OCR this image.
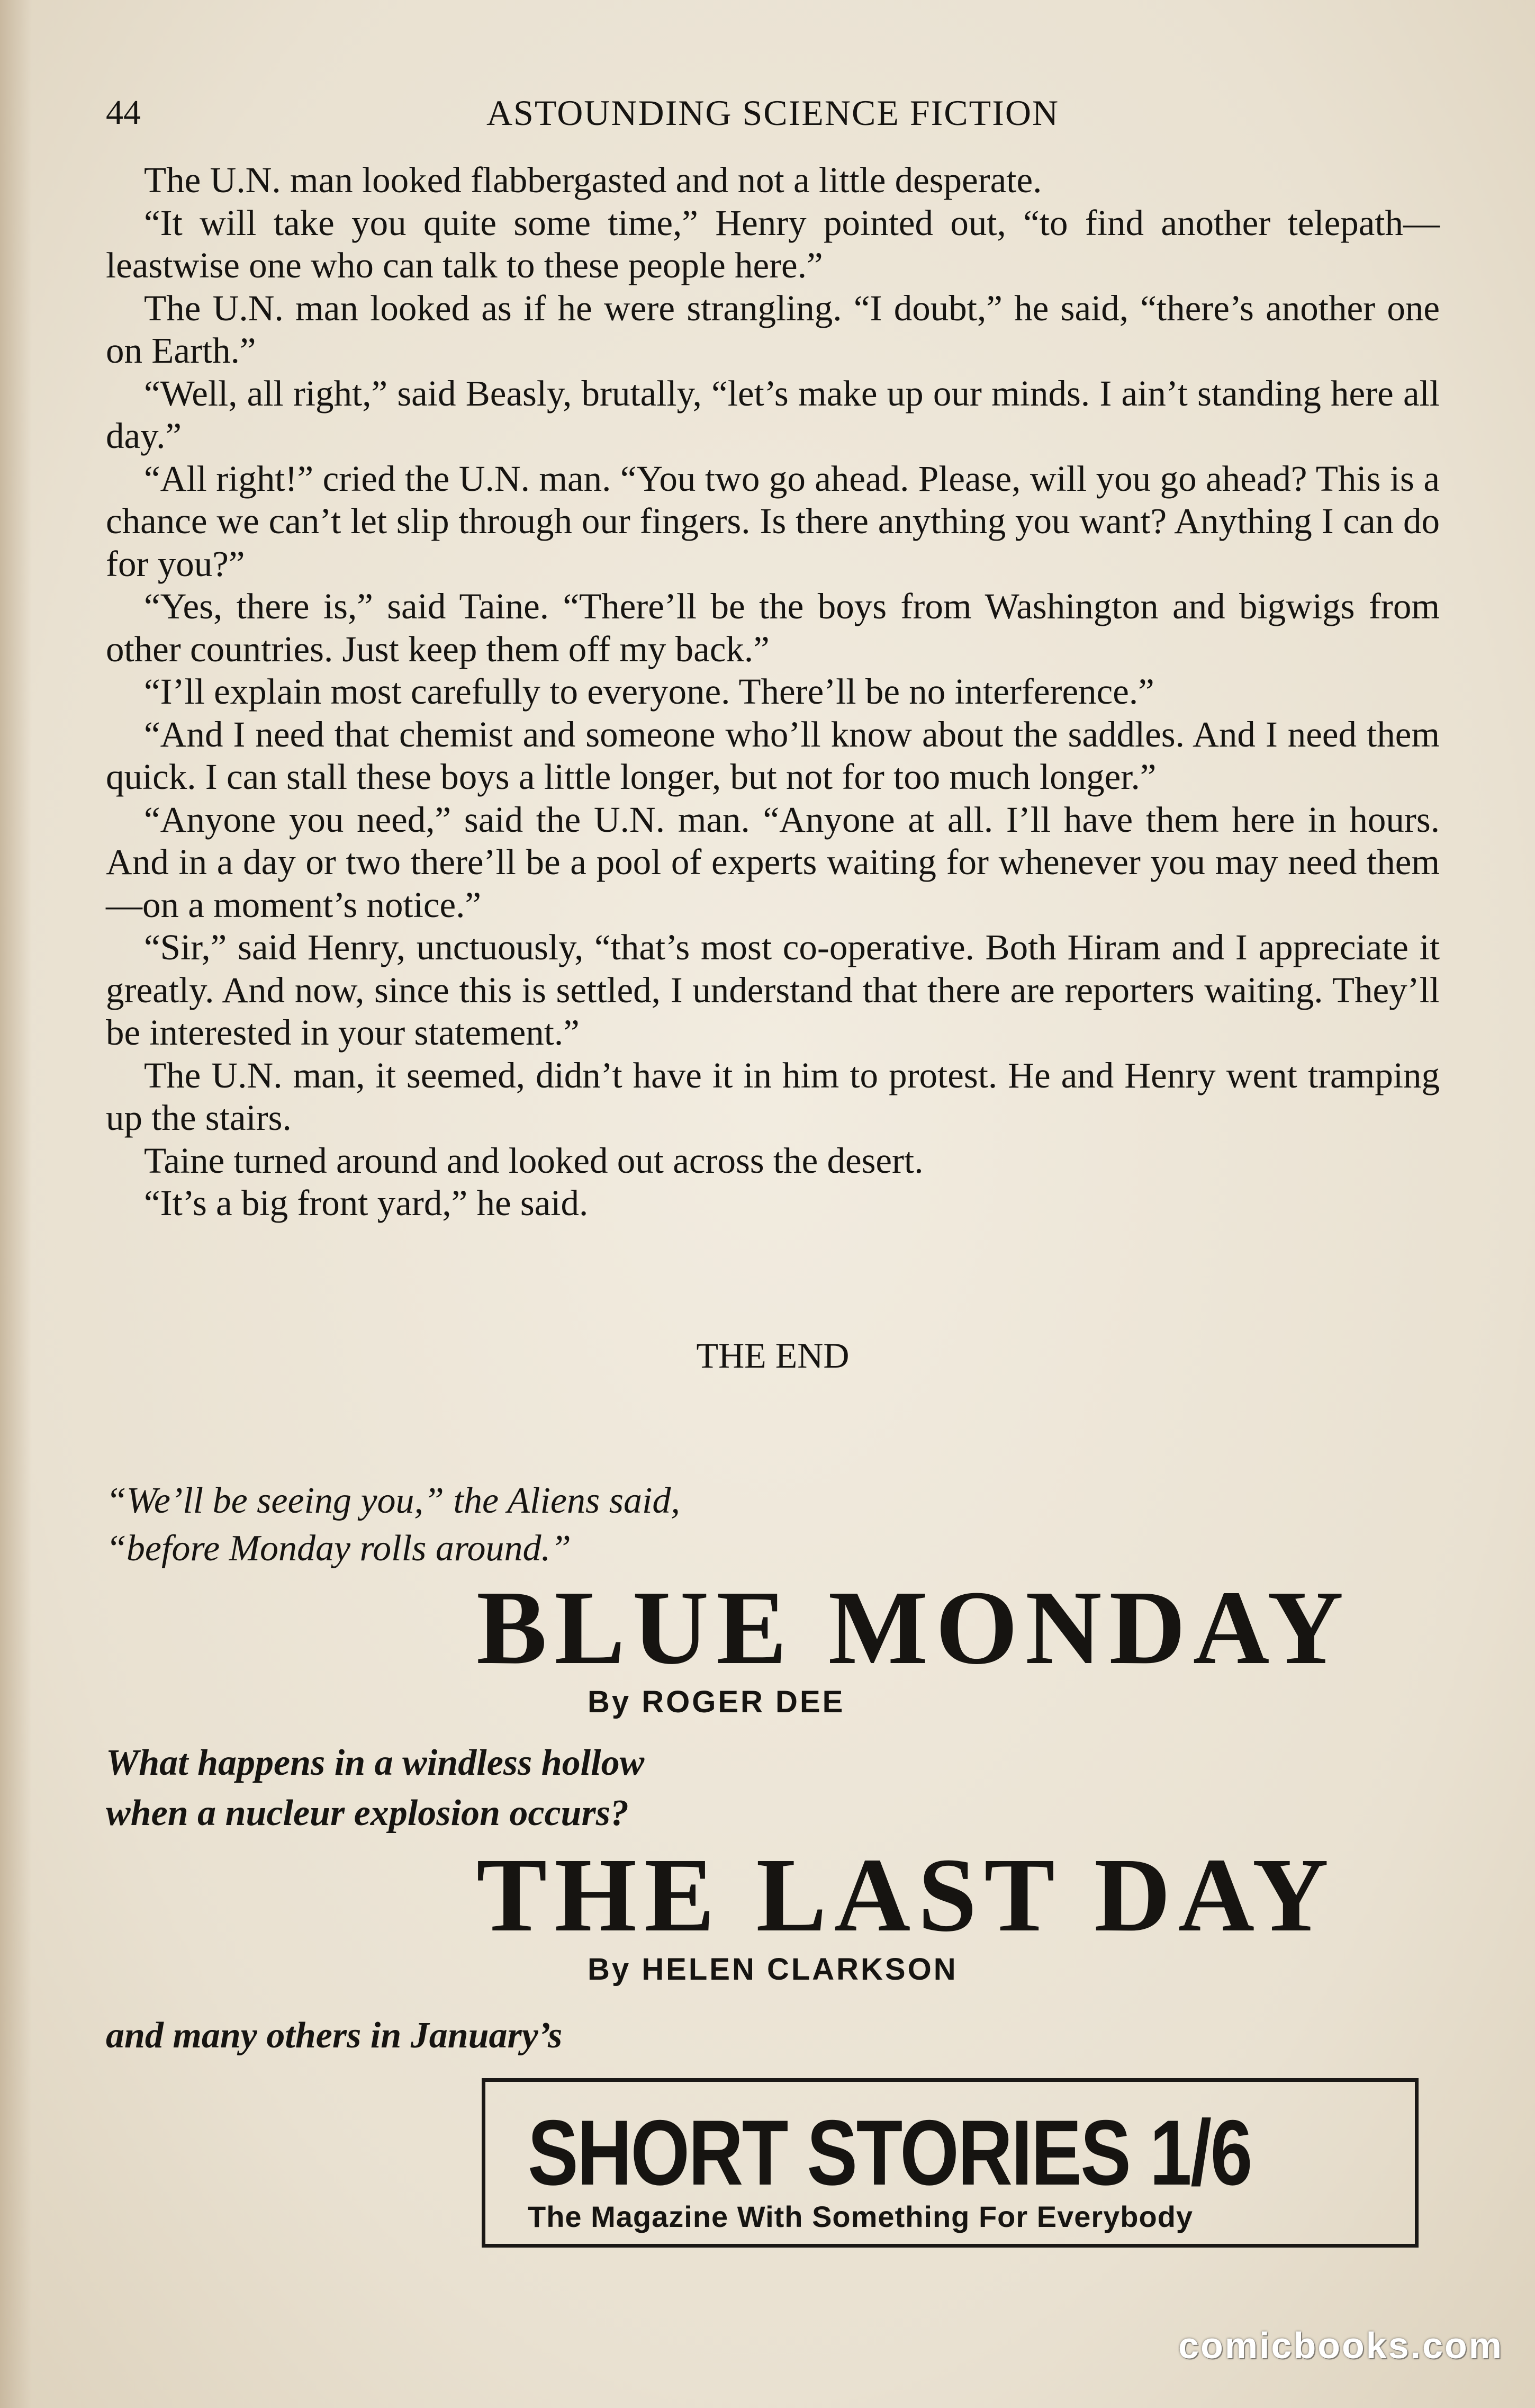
44	ASTOUNDING SCIENCE FICTION

The U.N. man looked flabbergasted and not a little desperate.

“It will take you quite some time,” Henry pointed out, “to find another telepath—leastwise one who can talk to these people here.”

The U.N. man looked as if he were strangling. “I doubt,” he said, “there’s another one on Earth.”

“Well, all right,” said Beasly, brutally, “let’s make up our minds. I ain’t standing here all day.”

“All right!” cried the U.N. man. “You two go ahead. Please, will you go ahead? This is a chance we can’t let slip through our fingers. Is there anything you want? Anything I can do for you?”

“Yes, there is,” said Taine. “There’ll be the boys from Washington and bigwigs from other countries. Just keep them off my back.”

“I’ll explain most carefully to everyone. There’ll be no interference.”

“And I need that chemist and someone who’ll know about the saddles. And I need them quick. I can stall these boys a little longer, but not for too much longer.”

“Anyone you need,” said the U.N. man. “Anyone at all. I’ll have them here in hours. And in a day or two there’ll be a pool of experts waiting for whenever you may need them—on a moment’s notice.”

“Sir,” said Henry, unctuously, “that’s most co-operative. Both Hiram and I appreciate it greatly. And now, since this is settled, I understand that there are reporters waiting. They’ll be interested in your statement.”

The U.N. man, it seemed, didn’t have it in him to protest. He and Henry went tramping up the stairs.

Taine turned around and looked out across the desert.

“It’s a big front yard,” he said.

THE END
“We’ll be seeing you,” the Aliens said,
“before Monday rolls around.”
BLUE MONDAY
By ROGER DEE
What happens in a windless hollow
when a nucleur explosion occurs?
THE LAST DAY
By HELEN CLARKSON
and many others in January’s
SHORT STORIES 1/6
The Magazine With Something For Everybody
comicbooks.com
